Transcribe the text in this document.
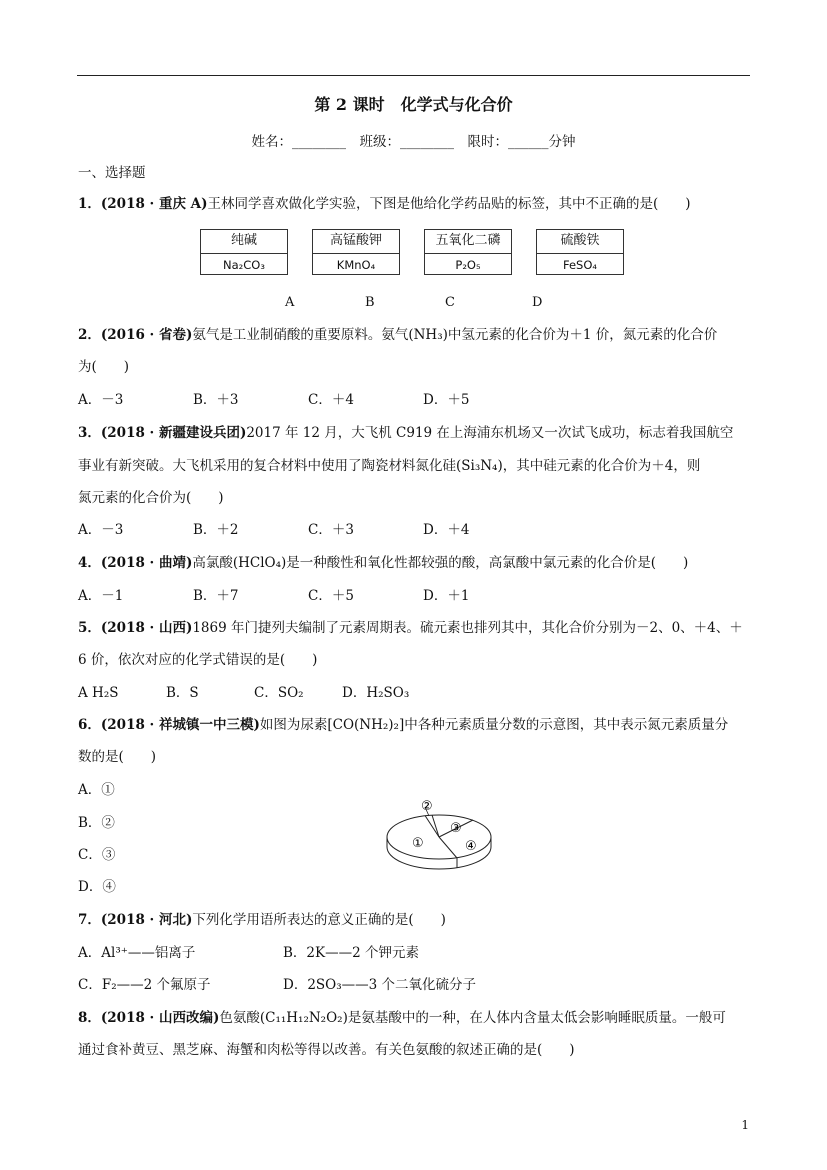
第 2 课时　化学式与化合价
姓名：________　班级：________　限时：______分钟
一、选择题
1．(2018 · 重庆 A)王林同学喜欢做化学实验，下图是他给化学药品贴的标签，其中不正确的是(　　)
纯碱
Na₂CO₃
高锰酸钾
KMnO₄
五氧化二磷
P₂O₅
硫酸铁
FeSO₄
A	B	C	D
2．(2016 · 省卷)氨气是工业制硝酸的重要原料。氨气(NH₃)中氢元素的化合价为＋1 价，氮元素的化合价
为(　　)
A．－3	B．＋3	C．＋4	D．＋5
3．(2018 · 新疆建设兵团)2017 年 12 月，大飞机 C919 在上海浦东机场又一次试飞成功，标志着我国航空
事业有新突破。大飞机采用的复合材料中使用了陶瓷材料氮化硅(Si₃N₄)，其中硅元素的化合价为＋4，则
氮元素的化合价为(　　)
A．－3	B．＋2	C．＋3	D．＋4
4．(2018 · 曲靖)高氯酸(HClO₄)是一种酸性和氧化性都较强的酸，高氯酸中氯元素的化合价是(　　)
A．－1	B．＋7	C．＋5	D．＋1
5．(2018 · 山西)1869 年门捷列夫编制了元素周期表。硫元素也排列其中，其化合价分别为－2、0、＋4、＋
6 价，依次对应的化学式错误的是(　　)
A H₂S	B．S	C．SO₂	D．H₂SO₃
6．(2018 · 祥城镇一中三模)如图为尿素[CO(NH₂)₂]中各种元素质量分数的示意图，其中表示氮元素质量分
数的是(　　)
A．①
B．②
C．③
D．④
①
②
③
④
7．(2018 · 河北)下列化学用语所表达的意义正确的是(　　)
A．Al³⁺——铝离子	B．2K——2 个钾元素
C．F₂——2 个氟原子	D．2SO₃——3 个二氧化硫分子
8．(2018 · 山西改编)色氨酸(C₁₁H₁₂N₂O₂)是氨基酸中的一种，在人体内含量太低会影响睡眠质量。一般可
通过食补黄豆、黑芝麻、海蟹和肉松等得以改善。有关色氨酸的叙述正确的是(　　)
1
